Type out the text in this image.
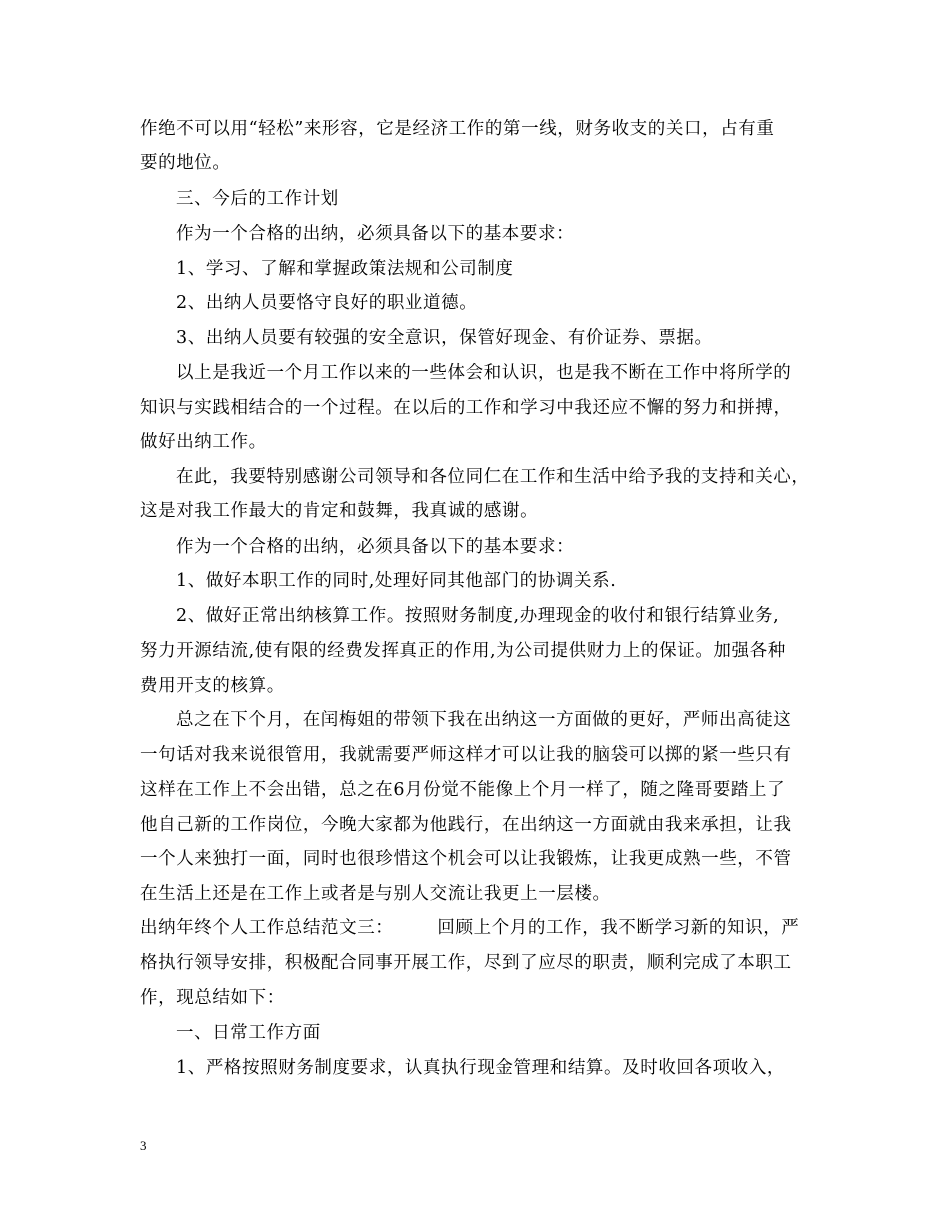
作绝不可以用“轻松”来形容，它是经济工作的第一线，财务收支的关口，占有重
要的地位。
三、今后的工作计划
作为一个合格的出纳，必须具备以下的基本要求：
1、学习、了解和掌握政策法规和公司制度
2、出纳人员要恪守良好的职业道德。
3、出纳人员要有较强的安全意识，保管好现金、有价证券、票据。
以上是我近一个月工作以来的一些体会和认识，也是我不断在工作中将所学的
知识与实践相结合的一个过程。在以后的工作和学习中我还应不懈的努力和拼搏，
做好出纳工作。
在此，我要特别感谢公司领导和各位同仁在工作和生活中给予我的支持和关心，
这是对我工作最大的肯定和鼓舞，我真诚的感谢。
作为一个合格的出纳，必须具备以下的基本要求：
1、做好本职工作的同时,处理好同其他部门的协调关系.
2、做好正常出纳核算工作。按照财务制度,办理现金的收付和银行结算业务,
努力开源结流,使有限的经费发挥真正的作用,为公司提供财力上的保证。加强各种
费用开支的核算。
总之在下个月，在闰梅姐的带领下我在出纳这一方面做的更好，严师出高徒这
一句话对我来说很管用，我就需要严师这样才可以让我的脑袋可以掷的紧一些只有
这样在工作上不会出错，总之在6月份觉不能像上个月一样了，随之隆哥要踏上了
他自己新的工作岗位，今晚大家都为他践行，在出纳这一方面就由我来承担，让我
一个人来独打一面，同时也很珍惜这个机会可以让我锻炼，让我更成熟一些，不管
在生活上还是在工作上或者是与别人交流让我更上一层楼。
出纳年终个人工作总结范文三：	回顾上个月的工作，我不断学习新的知识，严
格执行领导安排，积极配合同事开展工作，尽到了应尽的职责，顺利完成了本职工
作，现总结如下：
一、日常工作方面
1、严格按照财务制度要求，认真执行现金管理和结算。及时收回各项收入，
3
